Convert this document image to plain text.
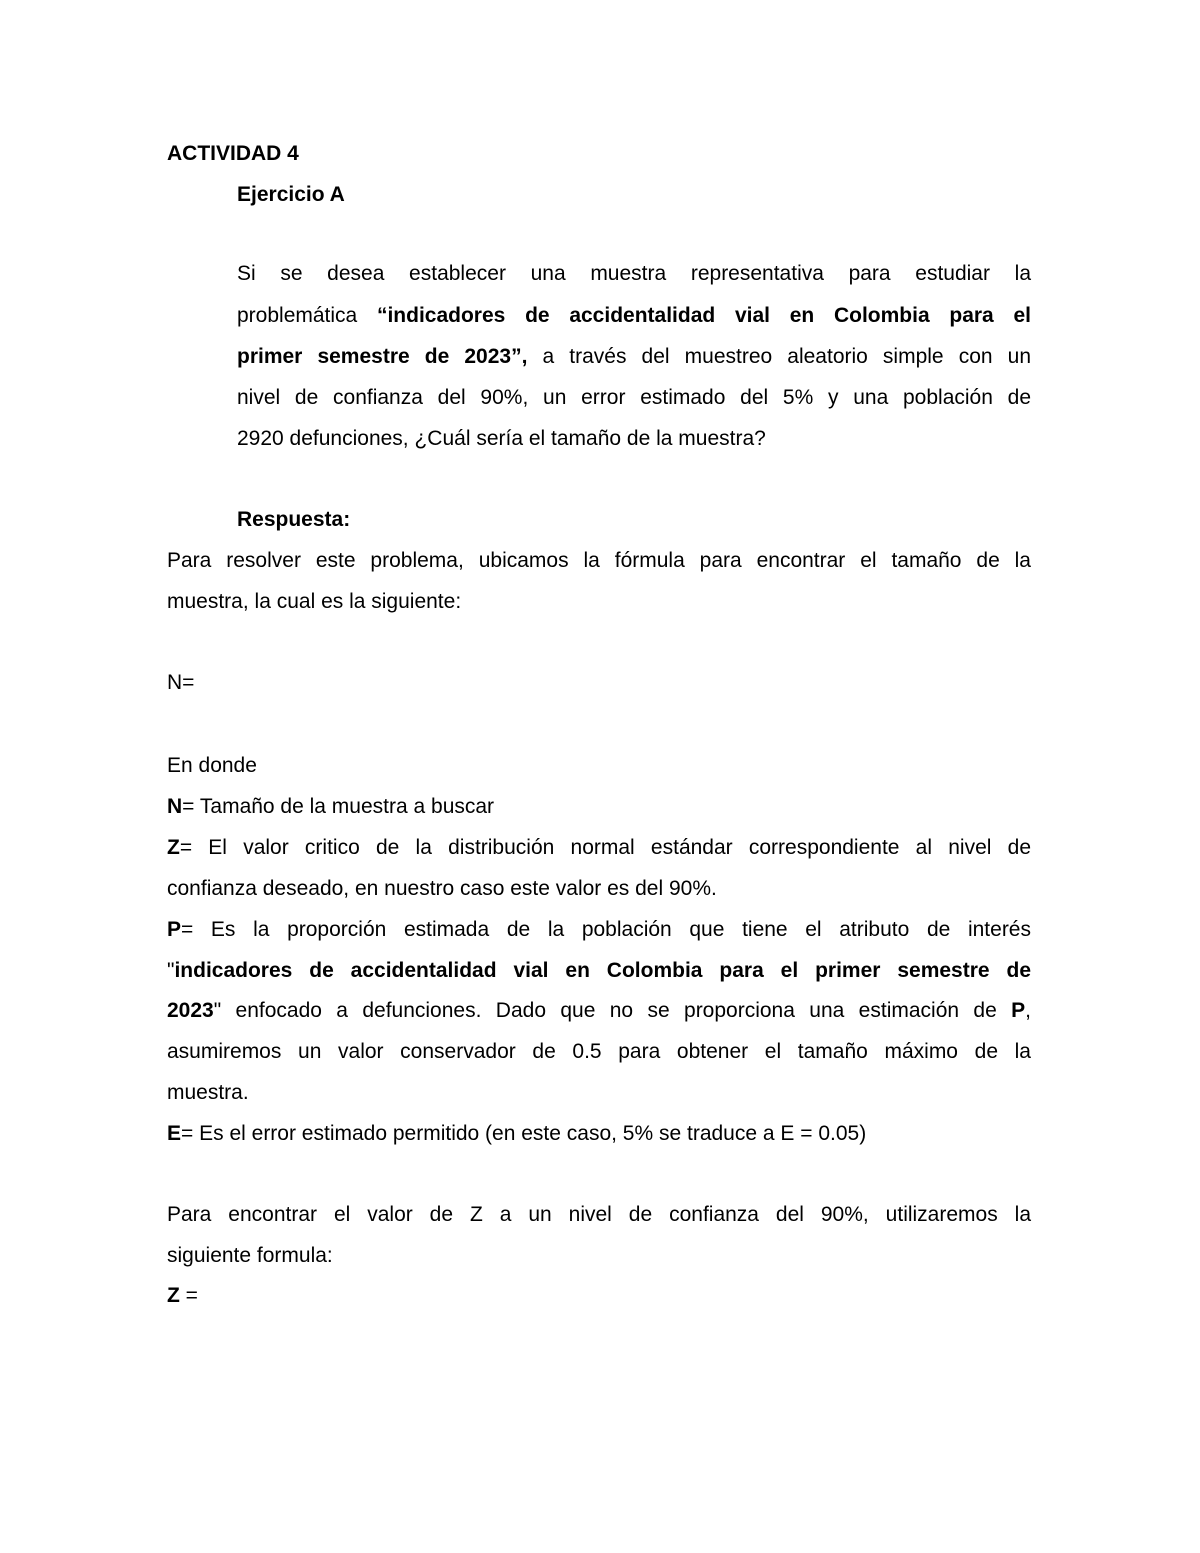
ACTIVIDAD 4
Ejercicio A
Si se desea establecer una muestra representativa para estudiar la
problemática “indicadores de accidentalidad vial en Colombia para el
primer semestre de 2023”, a través del muestreo aleatorio simple con un
nivel de confianza del 90%, un error estimado del 5% y una población de
2920 defunciones, ¿Cuál sería el tamaño de la muestra?
Respuesta:
Para resolver este problema, ubicamos la fórmula para encontrar el tamaño de la
muestra, la cual es la siguiente:
N=
En donde
N= Tamaño de la muestra a buscar
Z= El valor critico de la distribución normal estándar correspondiente al nivel de
confianza deseado, en nuestro caso este valor es del 90%.
P= Es la proporción estimada de la población que tiene el atributo de interés
"indicadores de accidentalidad vial en Colombia para el primer semestre de
2023" enfocado a defunciones. Dado que no se proporciona una estimación de P,
asumiremos un valor conservador de 0.5 para obtener el tamaño máximo de la
muestra.
E= Es el error estimado permitido (en este caso, 5% se traduce a E = 0.05)
Para encontrar el valor de Z a un nivel de confianza del 90%, utilizaremos la
siguiente formula:
Z =
